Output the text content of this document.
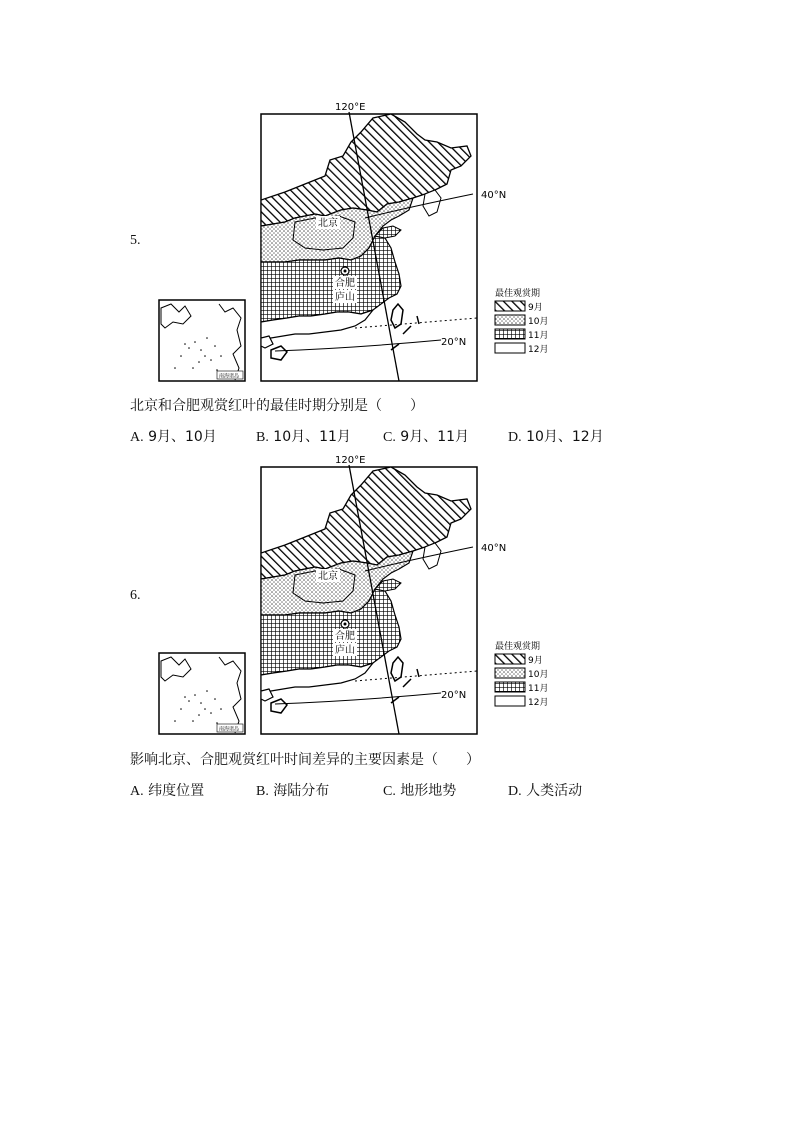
5.
120°E
40°N
20°N
北京
合肥
庐山
南海诸岛
最佳观赏期
9月
10月
11月
12月
北京和合肥观赏红叶的最佳时期分别是（　　）
A. 9月、10月	B. 10月、11月 C. 9月、11月	D. 10月、12月
6.
120°E
40°N
20°N
北京
合肥
庐山
南海诸岛
最佳观赏期
9月
10月
11月
12月
影响北京、合肥观赏红叶时间差异的主要因素是（　　）
A. 纬度位置	B. 海陆分布	C. 地形地势	D. 人类活动
